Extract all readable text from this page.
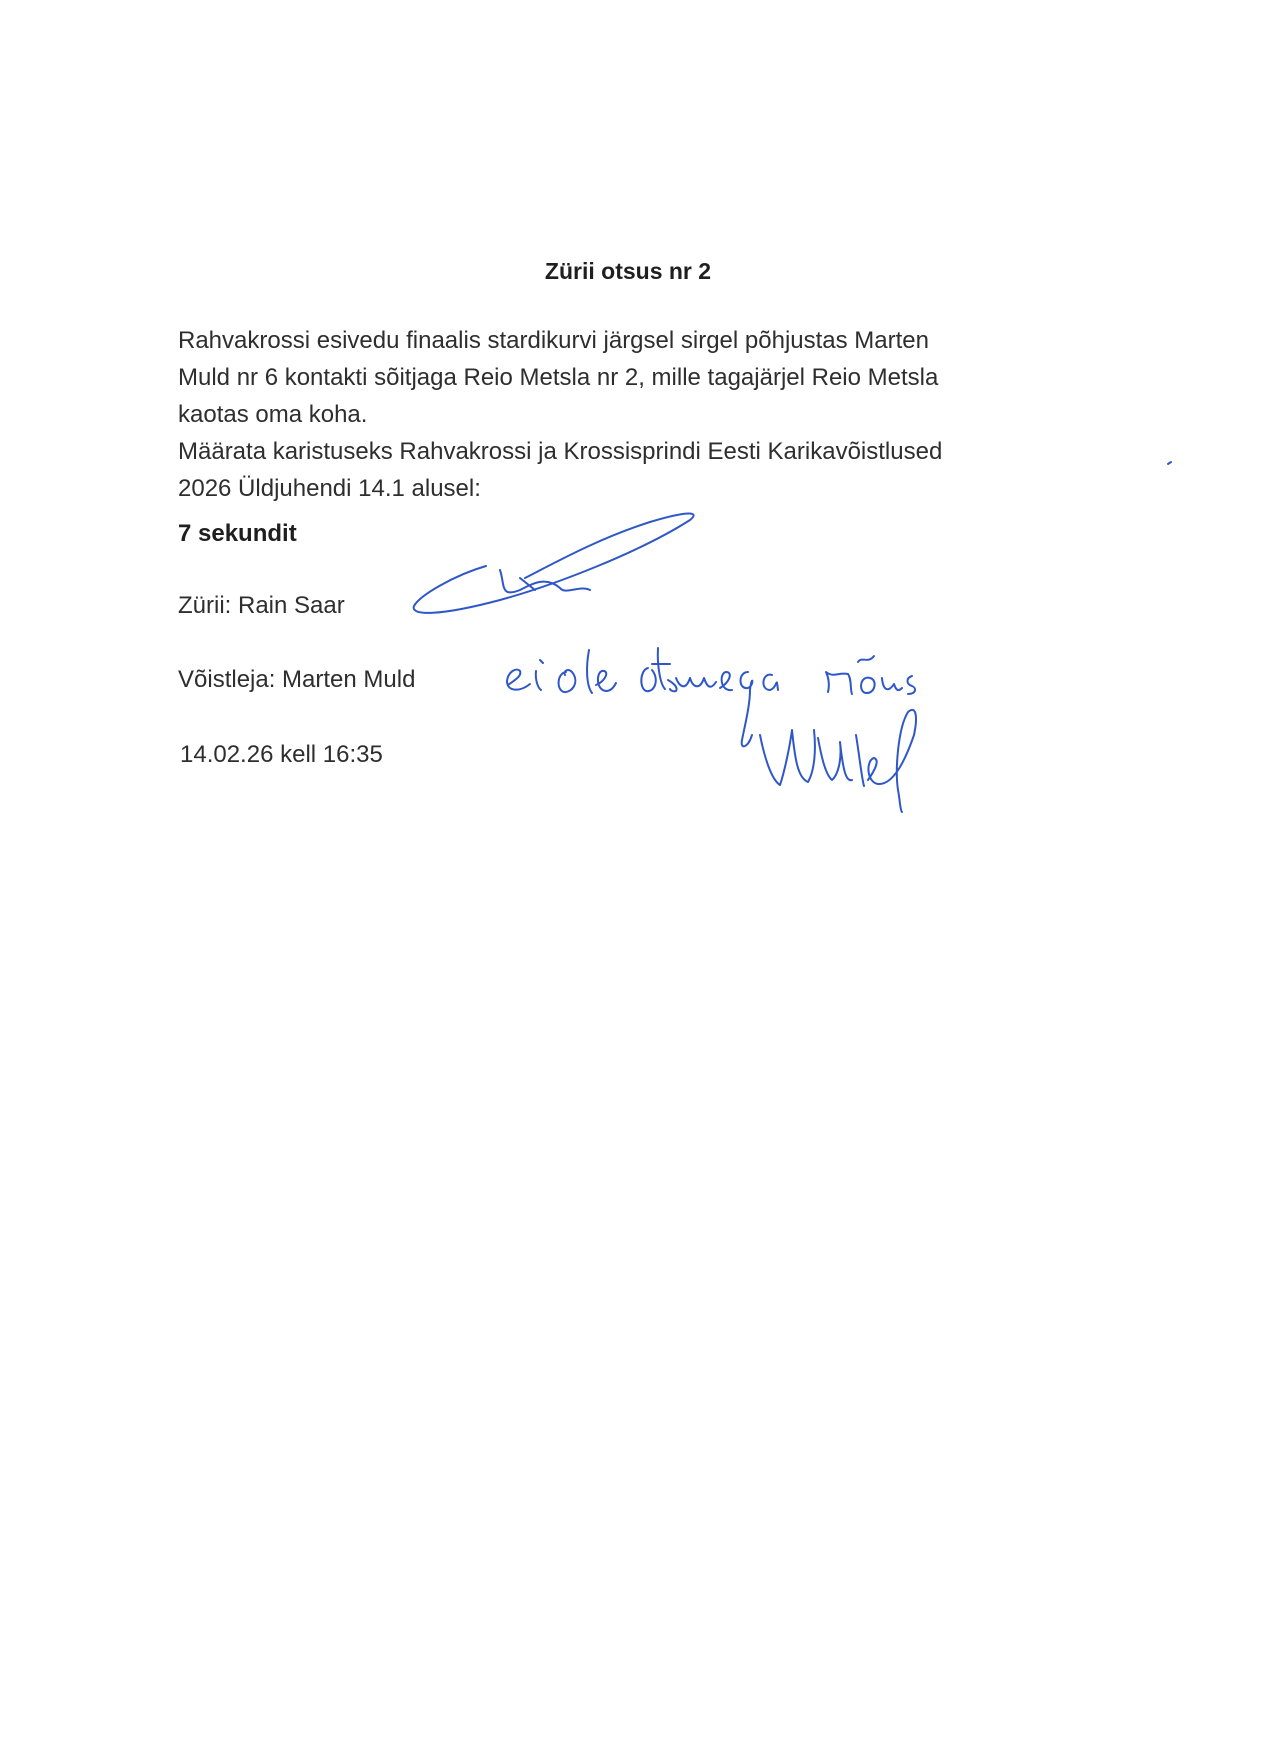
Zürii otsus nr 2
Rahvakrossi esivedu finaalis stardikurvi järgsel sirgel põhjustas Marten
Muld nr 6 kontakti sõitjaga Reio Metsla nr 2, mille tagajärjel Reio Metsla
kaotas oma koha.
Määrata karistuseks Rahvakrossi ja Krossisprindi Eesti Karikavõistlused
2026 Üldjuhendi 14.1 alusel:
7 sekundit
Zürii: Rain Saar
Võistleja: Marten Muld
14.02.26 kell 16:35
